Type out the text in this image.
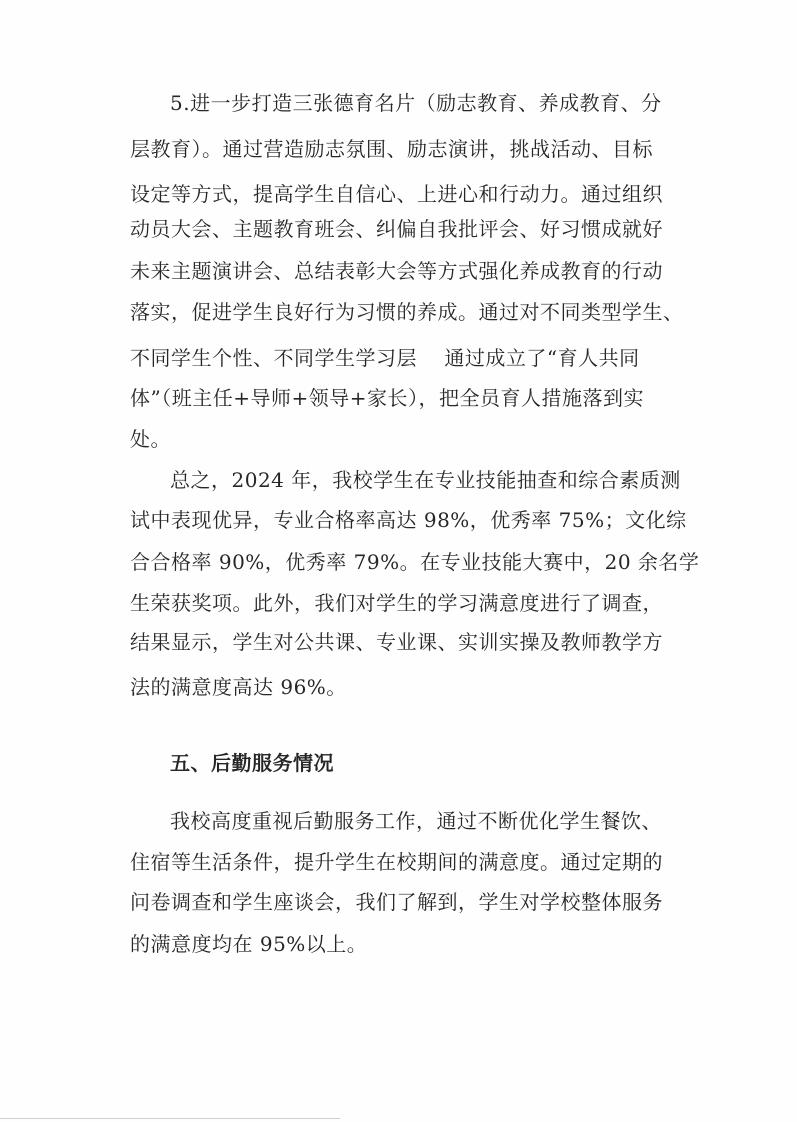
5.进一步打造三张德育名片（励志教育、养成教育、分
层教育）。通过营造励志氛围、励志演讲，挑战活动、目标
设定等方式，提高学生自信心、上进心和行动力。通过组织
动员大会、主题教育班会、纠偏自我批评会、好习惯成就好
未来主题演讲会、总结表彰大会等方式强化养成教育的行动
落实，促进学生良好行为习惯的养成。通过对不同类型学生、
不同学生个性、不同学生学习层　 通过成立了“育人共同
体”（班主任+导师+领导+家长），把全员育人措施落到实
处。
总之，2024 年，我校学生在专业技能抽查和综合素质测
试中表现优异，专业合格率高达 98%，优秀率 75%；文化综
合合格率 90%，优秀率 79%。在专业技能大赛中，20 余名学
生荣获奖项。此外，我们对学生的学习满意度进行了调查，
结果显示，学生对公共课、专业课、实训实操及教师教学方
法的满意度高达 96%。
五、后勤服务情况
我校高度重视后勤服务工作，通过不断优化学生餐饮、
住宿等生活条件，提升学生在校期间的满意度。通过定期的
问卷调查和学生座谈会，我们了解到，学生对学校整体服务
的满意度均在 95%以上。
